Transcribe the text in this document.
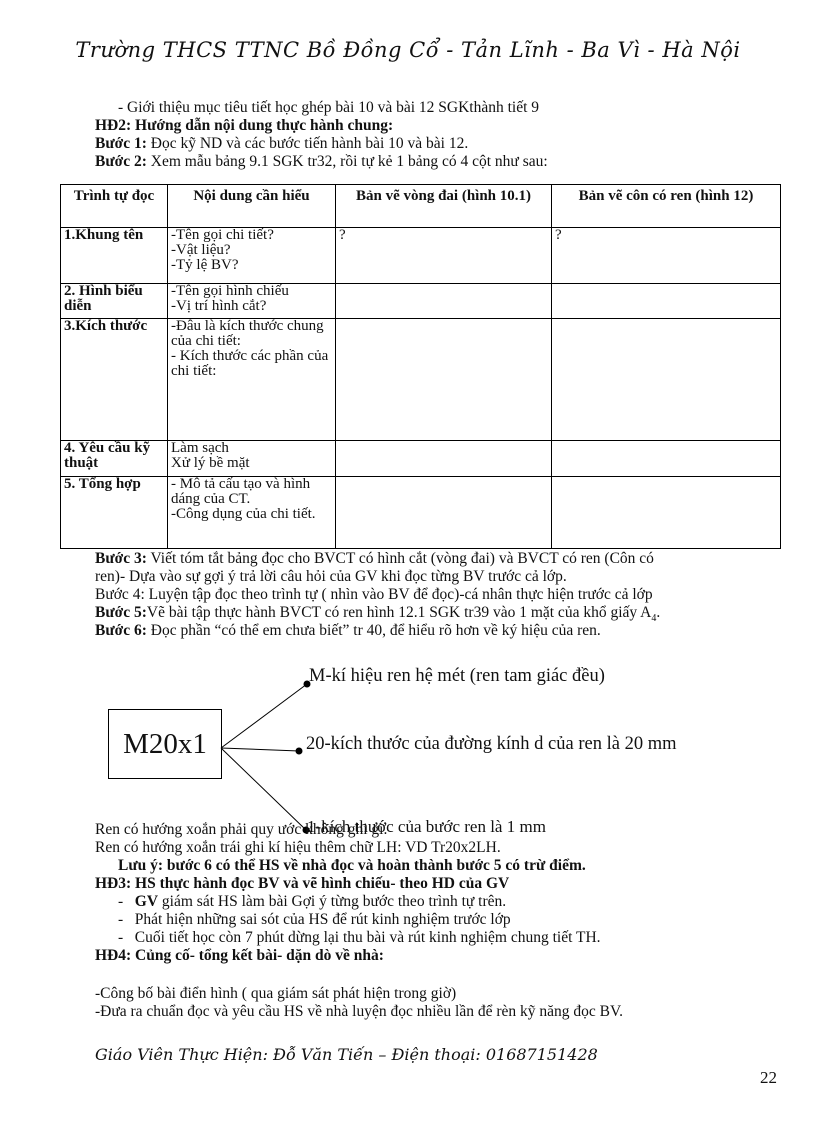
Trường THCS TTNC Bồ Đồng Cổ - Tản Lĩnh - Ba Vì - Hà Nội
- Giới thiệu mục tiêu tiết học ghép bài 10 và bài 12 SGKthành tiết 9
HĐ2: Hướng dẫn nội dung thực hành chung:
Bước 1: Đọc kỹ ND và các bước tiến hành bài 10 và bài 12.
Bước 2: Xem mẫu bảng 9.1 SGK tr32, rồi tự kẻ 1 bảng có 4 cột như sau:
Trình tự đọc	Nội dung cần hiểu	Bản vẽ vòng đai (hình 10.1)	Bản vẽ côn có ren (hình 12)
1.Khung tên	-Tên gọi chi tiết?
-Vật liệu?
-Tỷ lệ BV?	?	?
2. Hình biểu diễn	-Tên gọi hình chiếu
-Vị trí hình cắt?		
3.Kích thước	-Đâu là kích thước chung của chi tiết:
- Kích thước các phần của chi tiết:		
4. Yêu cầu kỹ thuật	Làm sạch
Xử lý bề mặt		
5. Tổng hợp	- Mô tả cấu tạo và hình dáng của CT.
-Công dụng của chi tiết.		
Bước 3: Viết tóm tắt bảng đọc cho BVCT có hình cắt (vòng đai) và BVCT có ren (Côn có
ren)- Dựa vào sự gợi ý trả lời câu hỏi của GV khi đọc từng BV trước cả lớp.
Bước 4: Luyện tập đọc theo trình tự ( nhìn vào BV để đọc)-cá nhân thực hiện trước cả lớp
Bước 5:Vẽ bài tập thực hành BVCT có ren hình 12.1 SGK tr39 vào 1 mặt của khổ giấy $A_4$.
Bước 6: Đọc phần “có thể em chưa biết” tr 40, để hiểu rõ hơn về ký hiệu của ren.
M20x1
M-kí hiệu ren hệ mét (ren tam giác đều)
20-kích thước của đường kính d của ren là 20 mm
Ren có hướng xoắn phải quy ước không ghi gì.
1-kích thước của bước ren là 1 mm
Ren có hướng xoắn trái ghi kí hiệu thêm chữ LH: VD Tr20x2LH.
Lưu ý: bước 6 có thể HS về nhà đọc và hoàn thành bước 5 có trừ điểm.
HĐ3: HS thực hành đọc BV và vẽ hình chiếu- theo HD của GV
-   GV giám sát HS làm bài Gợi ý từng bước theo trình tự trên.
-   Phát hiện những sai sót của HS để rút kinh nghiệm trước lớp
-   Cuối tiết học còn 7 phút dừng lại thu bài và rút kinh nghiệm chung tiết TH.
HĐ4: Củng cố- tổng kết bài- dặn dò về nhà:
-Công bố bài điển hình ( qua giám sát phát hiện trong giờ)
-Đưa ra chuẩn đọc và yêu cầu HS về nhà luyện đọc nhiều lần để rèn kỹ năng đọc BV.
Giáo Viên Thực Hiện: Đỗ Văn Tiến – Điện thoại: 01687151428
22
